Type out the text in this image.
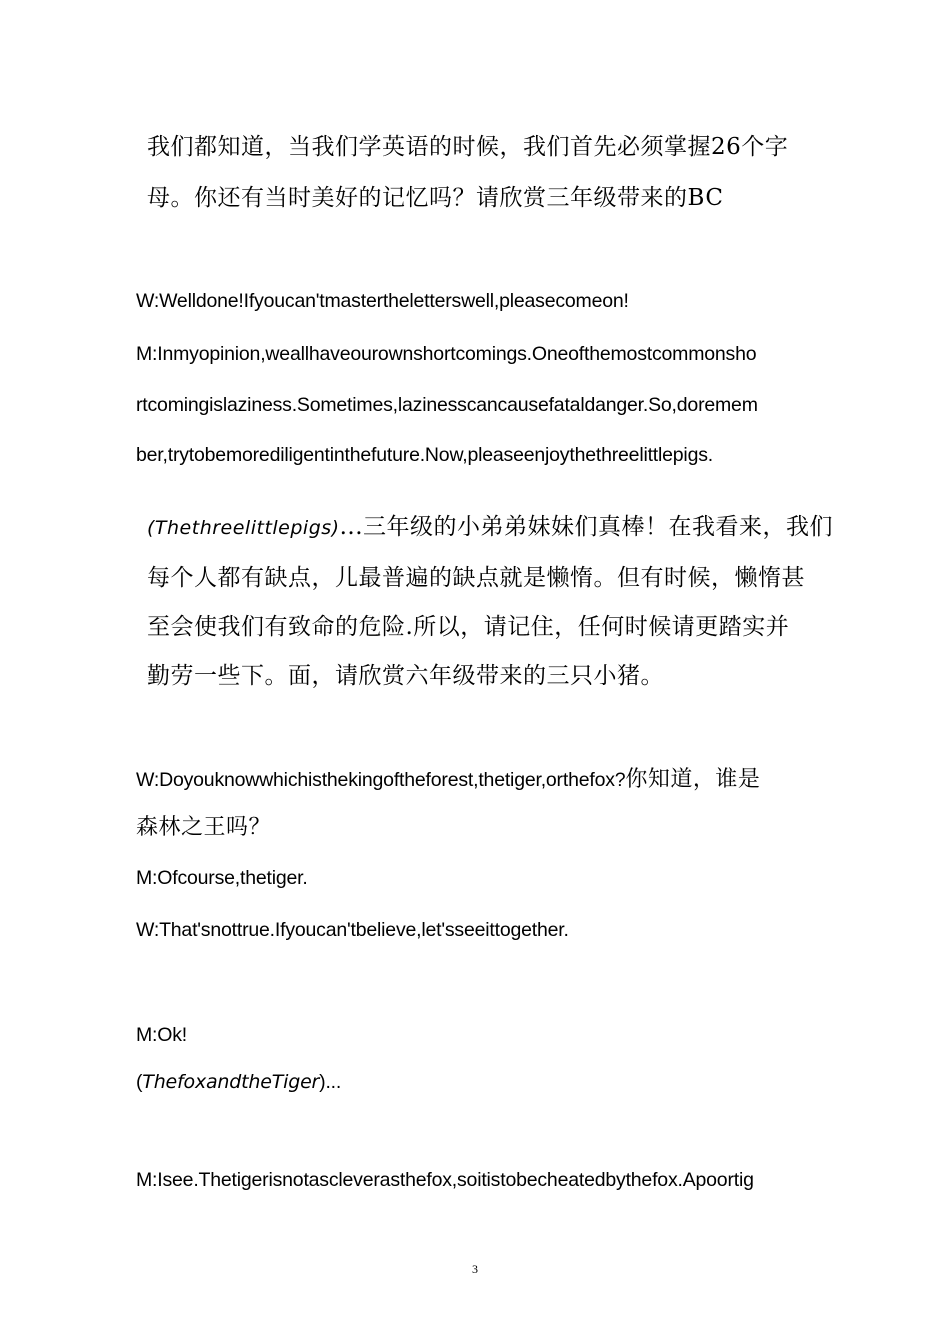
我们都知道，当我们学英语的时候，我们首先必须掌握26个字

母。你还有当时美好的记忆吗？请欣赏三年级带来的BC

W:Welldone!Ifyoucan'tmastertheletterswell,pleasecomeon!

M:Inmyopinion,weallhaveourownshortcomings.Oneofthemostcommonsho

rtcomingislaziness.Sometimes,lazinesscancausefataldanger.So,doremem

ber,trytobemorediligentinthefuture.Now,pleaseenjoythethreelittlepigs.

(Thethreelittlepigs)...三年级的小弟弟妹妹们真棒！在我看来，我们

每个人都有缺点，儿最普遍的缺点就是懒惰。但有时候，懒惰甚

至会使我们有致命的危险.所以，请记住，任何时候请更踏实并

勤劳一些下。面，请欣赏六年级带来的三只小猪。

W:Doyouknowwhichisthekingoftheforest,thetiger,orthefox?你知道，谁是

森林之王吗？

M:Ofcourse,thetiger.

W:That'snottrue.Ifyoucan'tbelieve,let'sseeittogether.

M:Ok!

(ThefoxandtheTiger)...

M:Isee.Thetigerisnotascleverasthefox,soitistobecheatedbythefox.Apoortig

3
